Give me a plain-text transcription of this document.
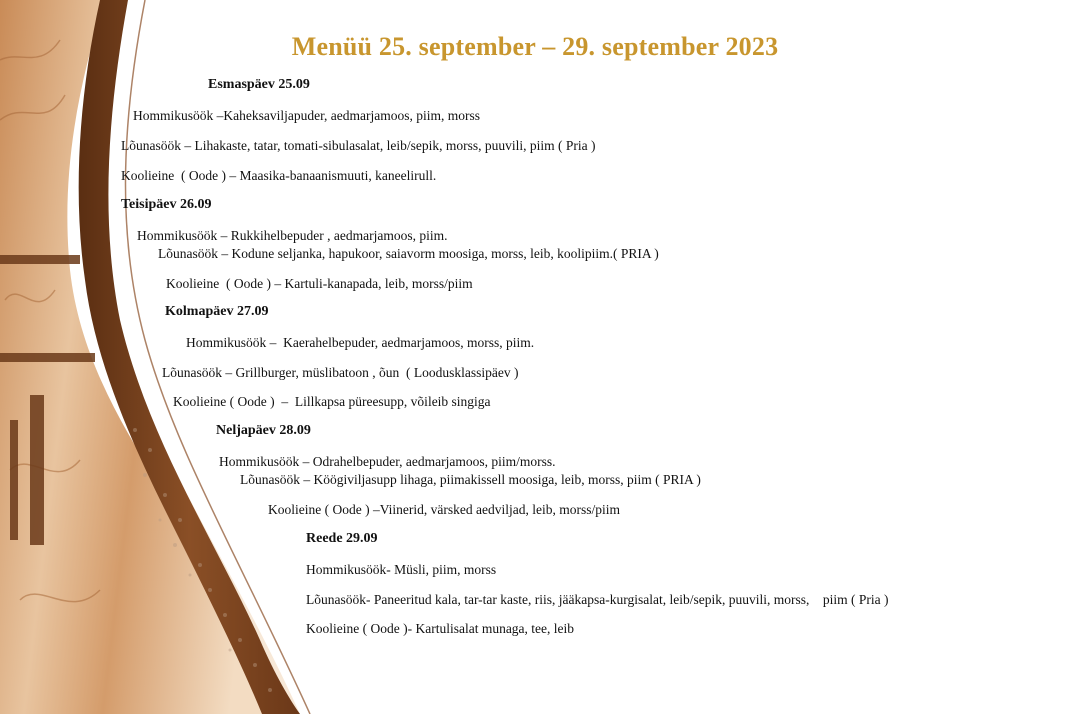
Menüü 25. september – 29. september 2023
Esmaspäev 25.09
Hommikusöök –Kaheksaviljapuder, aedmarjamoos, piim, morss
Lõunasöök – Lihakaste, tatar, tomati-sibulasalat, leib/sepik, morss, puuvili, piim ( Pria )
Koolieine  ( Oode ) – Maasika-banaanismuuti, kaneelirull.
Teisipäev 26.09
Hommikusöök – Rukkihelbepuder , aedmarjamoos, piim.
Lõunasöök – Kodune seljanka, hapukoor, saiavorm moosiga, morss, leib, koolipiim.( PRIA )
Koolieine  ( Oode ) – Kartuli-kanapada, leib, morss/piim
Kolmapäev 27.09
Hommikusöök –  Kaerahelbepuder, aedmarjamoos, morss, piim.
Lõunasöök – Grillburger, müslibatoon , õun  ( Loodusklassipäev )
Koolieine ( Oode )  –  Lillkapsa püreesupp, võileib singiga
Neljapäev 28.09
Hommikusöök – Odrahelbepuder, aedmarjamoos, piim/morss.
Lõunasöök – Köögiviljasupp lihaga, piimakissell moosiga, leib, morss, piim ( PRIA )
Koolieine ( Oode ) –Viinerid, värsked aedviljad, leib, morss/piim
Reede 29.09
Hommikusöök- Müsli, piim, morss
Lõunasöök- Paneeritud kala, tar-tar kaste, riis, jääkapsa-kurgisalat, leib/sepik, puuvili, morss,    piim ( Pria )
Koolieine ( Oode )- Kartulisalat munaga, tee, leib
